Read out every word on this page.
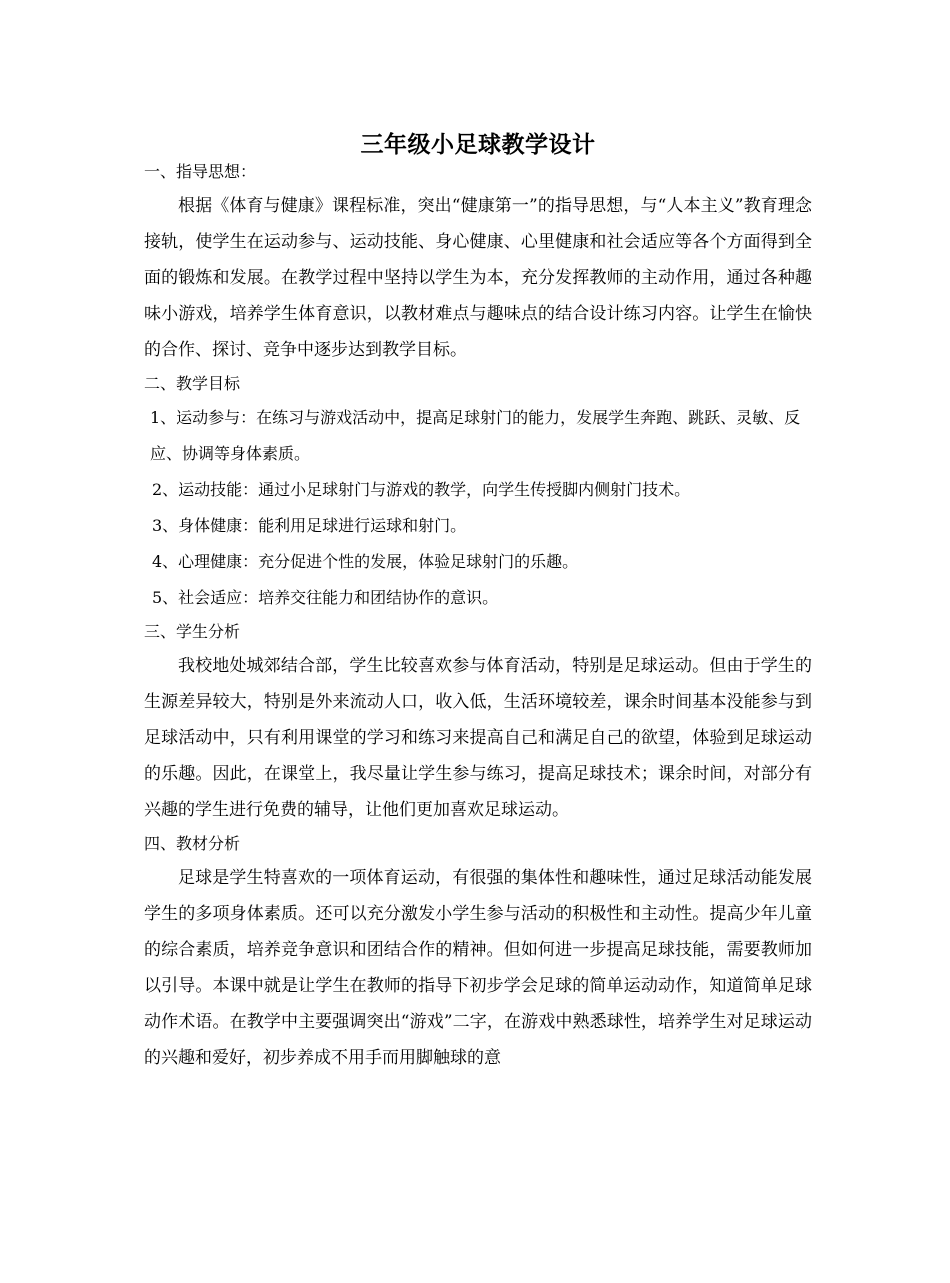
三年级小足球教学设计

一、指导思想：

根据《体育与健康》课程标准，突出“健康第一”的指导思想，与“人本主义”教育理念接轨，使学生在运动参与、运动技能、身心健康、心里健康和社会适应等各个方面得到全面的锻炼和发展。在教学过程中坚持以学生为本，充分发挥教师的主动作用，通过各种趣味小游戏，培养学生体育意识，以教材难点与趣味点的结合设计练习内容。让学生在愉快的合作、探讨、竞争中逐步达到教学目标。

二、教学目标

1、运动参与：在练习与游戏活动中，提高足球射门的能力，发展学生奔跑、跳跃、灵敏、反应、协调等身体素质。

2、运动技能：通过小足球射门与游戏的教学，向学生传授脚内侧射门技术。

3、身体健康：能利用足球进行运球和射门。

4、心理健康：充分促进个性的发展，体验足球射门的乐趣。

5、社会适应：培养交往能力和团结协作的意识。

三、学生分析

我校地处城郊结合部，学生比较喜欢参与体育活动，特别是足球运动。但由于学生的生源差异较大，特别是外来流动人口，收入低，生活环境较差，课余时间基本没能参与到足球活动中，只有利用课堂的学习和练习来提高自己和满足自己的欲望，体验到足球运动的乐趣。因此，在课堂上，我尽量让学生参与练习，提高足球技术；课余时间，对部分有兴趣的学生进行免费的辅导，让他们更加喜欢足球运动。

四、教材分析

足球是学生特喜欢的一项体育运动，有很强的集体性和趣味性，通过足球活动能发展学生的多项身体素质。还可以充分激发小学生参与活动的积极性和主动性。提高少年儿童的综合素质，培养竞争意识和团结合作的精神。但如何进一步提高足球技能，需要教师加以引导。本课中就是让学生在教师的指导下初步学会足球的简单运动动作，知道简单足球动作术语。在教学中主要强调突出“游戏”二字，在游戏中熟悉球性，培养学生对足球运动的兴趣和爱好，初步养成不用手而用脚触球的意
